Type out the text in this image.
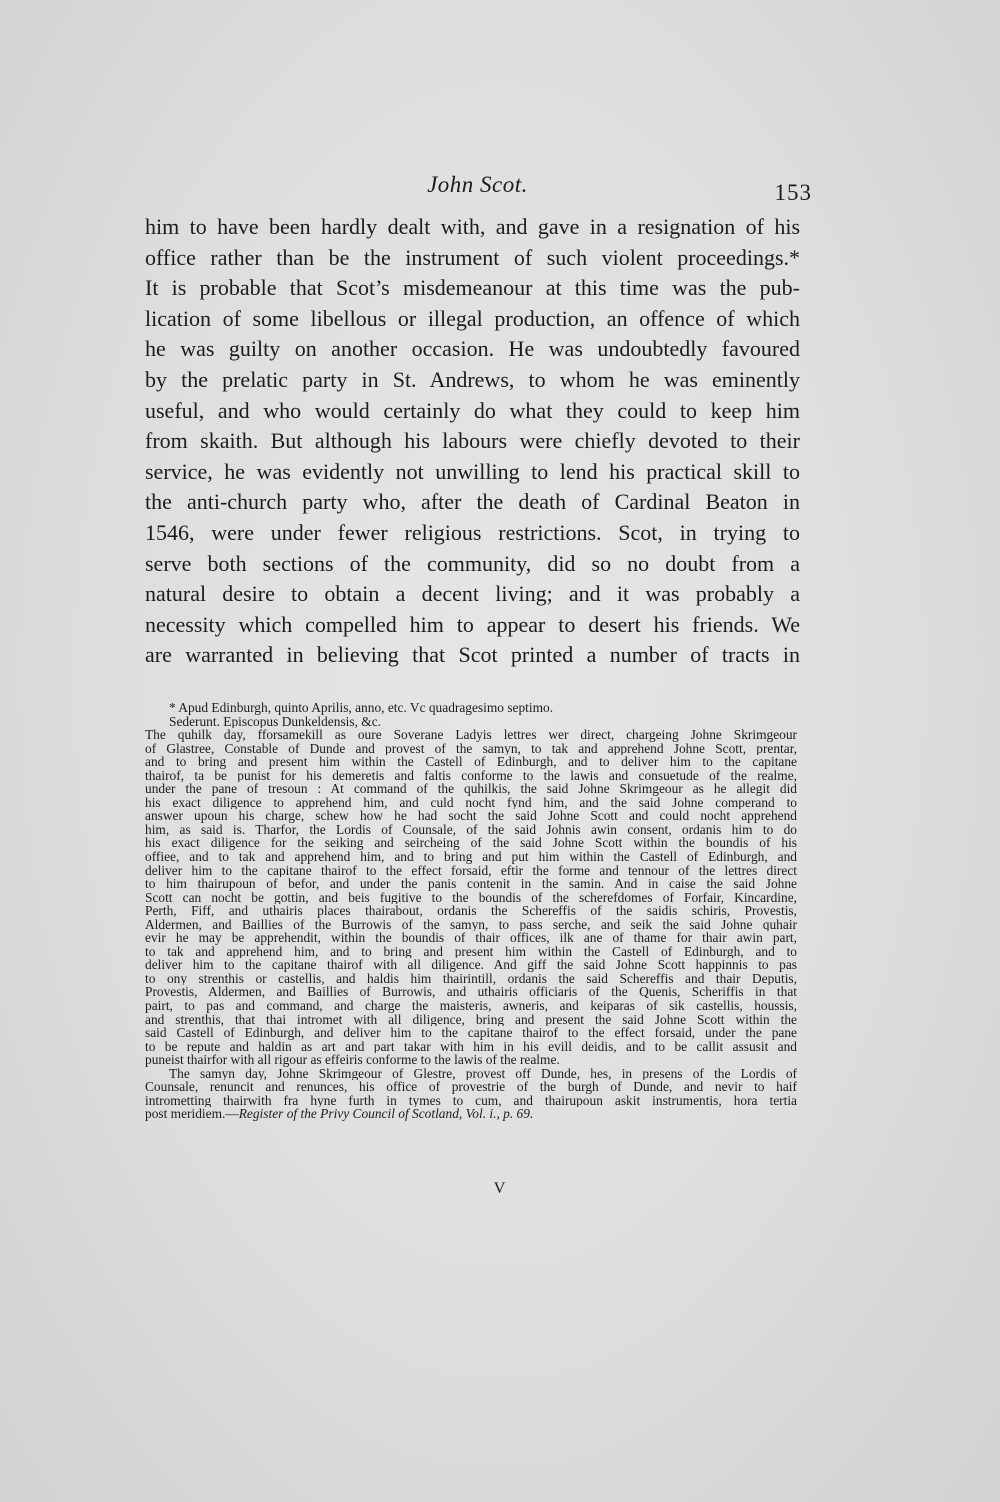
John Scot.	153
him to have been hardly dealt with, and gave in a resignation of his
office rather than be the instrument of such violent proceedings.*
It is probable that Scot’s misdemeanour at this time was the pub-
lication of some libellous or illegal production, an offence of which
he was guilty on another occasion. He was undoubtedly favoured
by the prelatic party in St. Andrews, to whom he was eminently
useful, and who would certainly do what they could to keep him
from skaith. But although his labours were chiefly devoted to their
service, he was evidently not unwilling to lend his practical skill to
the anti-church party who, after the death of Cardinal Beaton in
1546, were under fewer religious restrictions. Scot, in trying to
serve both sections of the community, did so no doubt from a
natural desire to obtain a decent living; and it was probably a
necessity which compelled him to appear to desert his friends. We
are warranted in believing that Scot printed a number of tracts in
* Apud Edinburgh, quinto Aprilis, anno, etc. Vc quadragesimo septimo.
Sederunt. Episcopus Dunkeldensis, &c.
The quhilk day, fforsamekill as oure Soverane Ladyis lettres wer direct, chargeing Johne Skrimgeour
of Glastree, Constable of Dunde and provest of the samyn, to tak and apprehend Johne Scott, prentar,
and to bring and present him within the Castell of Edinburgh, and to deliver him to the capitane
thairof, ta be punist for his demeretis and faltis conforme to the lawis and consuetude of the realme,
under the pane of tresoun : At command of the quhilkis, the said Johne Skrimgeour as he allegit did
his exact diligence to apprehend him, and culd nocht fynd him, and the said Johne comperand to
answer upoun his charge, schew how he had socht the said Johne Scott and could nocht apprehend
him, as said is. Tharfor, the Lordis of Counsale, of the said Johnis awin consent, ordanis him to do
his exact diligence for the seiking and seircheing of the said Johne Scott within the boundis of his
offiee, and to tak and apprehend him, and to bring and put him within the Castell of Edinburgh, and
deliver him to the capitane thairof to the effect forsaid, eftir the forme and tennour of the lettres direct
to him thairupoun of befor, and under the panis contenit in the samin. And in caise the said Johne
Scott can nocht be gottin, and beis fugitive to the boundis of the scherefdomes of Forfair, Kincardine,
Perth, Fiff, and uthairis places thairabout, ordanis the Schereffis of the saidis schiris, Provestis,
Aldermen, and Baillies of the Burrowis of the samyn, to pass serche, and seik the said Johne quhair
evir he may be apprehendit, within the boundis of thair offices, ilk ane of thame for thair awin part,
to tak and apprehend him, and to bring and present him within the Castell of Edinburgh, and to
deliver him to the capitane thairof with all diligence. And giff the said Johne Scott happinnis to pas
to ony strenthis or castellis, and haldis him thairintill, ordanis the said Schereffis and thair Deputis,
Provestis, Aldermen, and Baillies of Burrowis, and uthairis officiaris of the Quenis, Scheriffis in that
pairt, to pas and command, and charge the maisteris, awneris, and keiparas of sik castellis, houssis,
and strenthis, that thai intromet with all diligence, bring and present the said Johne Scott within the
said Castell of Edinburgh, and deliver him to the capitane thairof to the effect forsaid, under the pane
to be repute and haldin as art and part takar with him in his evill deidis, and to be callit assusit and
puneist thairfor with all rigour as effeiris conforme to the lawis of the realme.
The samyn day, Johne Skrimgeour of Glestre, provest off Dunde, hes, in presens of the Lordis of
Counsale, renuncit and renunces, his office of provestrie of the burgh of Dunde, and nevir to haif
intrometting thairwith fra hyne furth in tymes to cum, and thairupoun askit instrumentis, hora tertia
post meridiem.—Register of the Privy Council of Scotland, Vol. i., p. 69.
V
